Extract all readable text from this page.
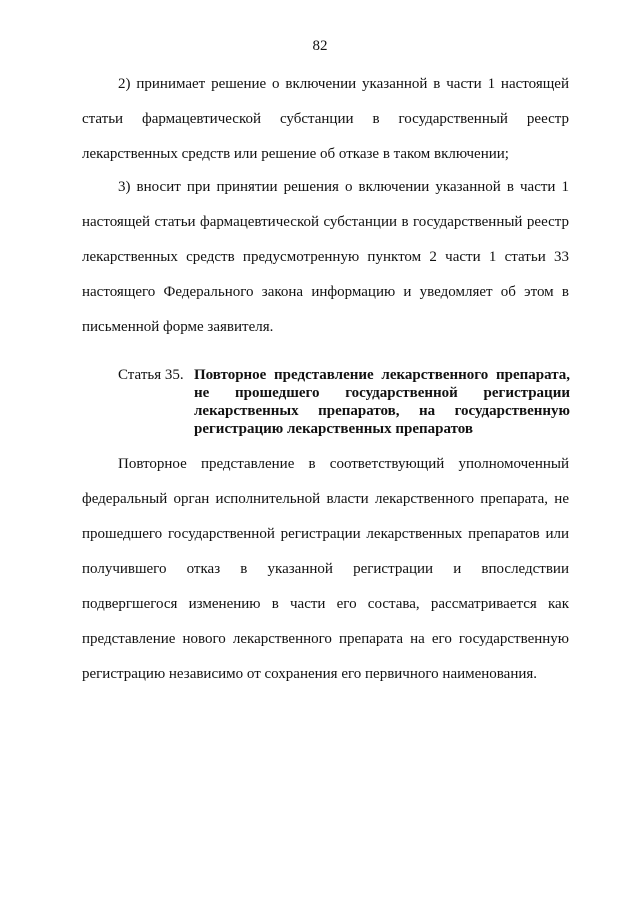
82

2) принимает решение о включении указанной в части 1 настоящей статьи фармацевтической субстанции в государственный реестр лекарственных средств или решение об отказе в таком включении;

3) вносит при принятии решения о включении указанной в части 1 настоящей статьи фармацевтической субстанции в государственный реестр лекарственных средств предусмотренную пунктом 2 части 1 статьи 33 настоящего Федерального закона информацию и уведомляет об этом в письменной форме заявителя.

Статья 35. Повторное представление лекарственного препарата, не прошедшего государственной регистрации лекарственных препаратов, на государственную регистрацию лекарственных препаратов

Повторное представление в соответствующий уполномоченный федеральный орган исполнительной власти лекарственного препарата, не прошедшего государственной регистрации лекарственных препаратов или получившего отказ в указанной регистрации и впоследствии подвергшегося изменению в части его состава, рассматривается как представление нового лекарственного препарата на его государственную регистрацию независимо от сохранения его первичного наименования.
